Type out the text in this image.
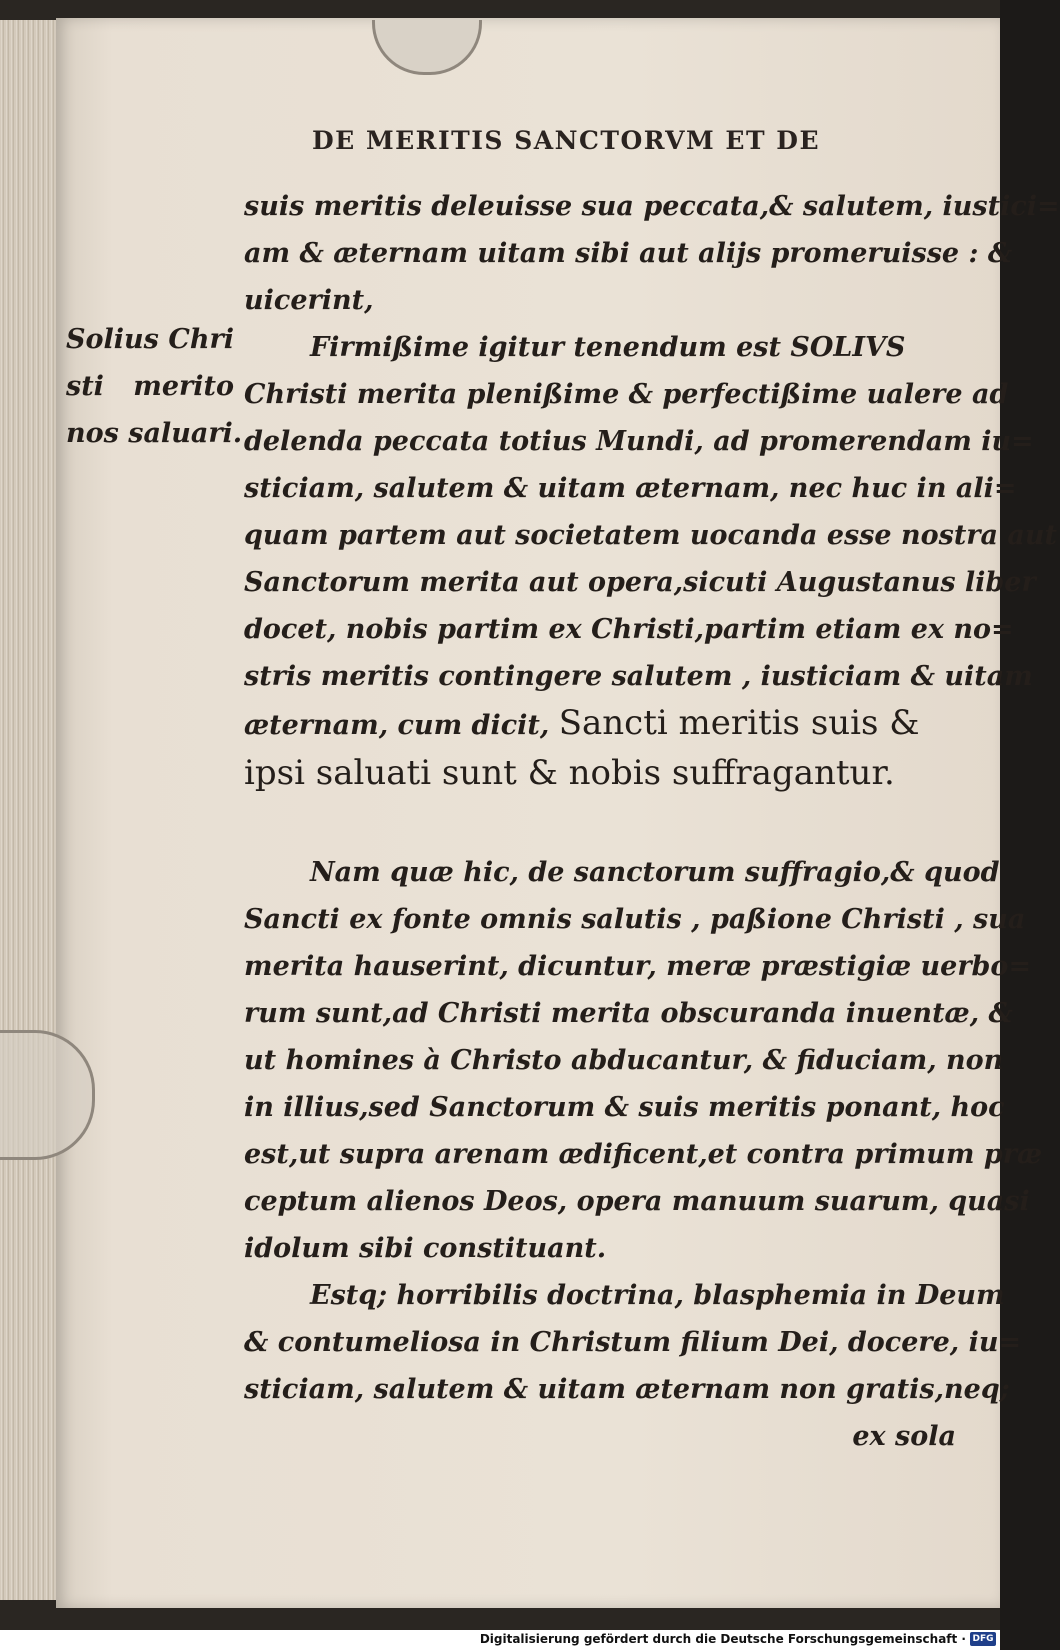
DE MERITIS SANCTORVM ET DE
Solius Chri
sti merito
nos saluari.
suis meritis deleuisse sua peccata,& salutem, iustici=
am & æternam uitam sibi aut alijs promeruisse : &
uicerint,
Firmißime igitur tenendum est SOLIVS
Christi merita plenißime & perfectißime ualere ad
delenda peccata totius Mundi, ad promerendam iu=
sticiam, salutem & uitam æternam, nec huc in ali=
quam partem aut societatem uocanda esse nostra aut
Sanctorum merita aut opera,sicuti Augustanus liber
docet, nobis partim ex Christi,partim etiam ex no=
stris meritis contingere salutem , iusticiam & uitam
æternam, cum dicit, Sancti meritis suis &
ipsi saluati sunt & nobis suffragantur.
Nam quæ hic, de sanctorum suffragio,& quod
Sancti ex fonte omnis salutis , paßione Christi , sua
merita hauserint, dicuntur, meræ præstigiæ uerbo=
rum sunt,ad Christi merita obscuranda inuentæ, &
ut homines à Christo abducantur, & fiduciam, non
in illius,sed Sanctorum & suis meritis ponant, hoc
est,ut supra arenam ædificent,et contra primum præ
ceptum alienos Deos, opera manuum suarum, quasi
idolum sibi constituant.
Estq; horribilis doctrina, blasphemia in Deum
& contumeliosa in Christum filium Dei, docere, iu=
sticiam, salutem & uitam æternam non gratis,neq;
ex sola
Digitalisierung gefördert durch die Deutsche Forschungsgemeinschaft · DFG
